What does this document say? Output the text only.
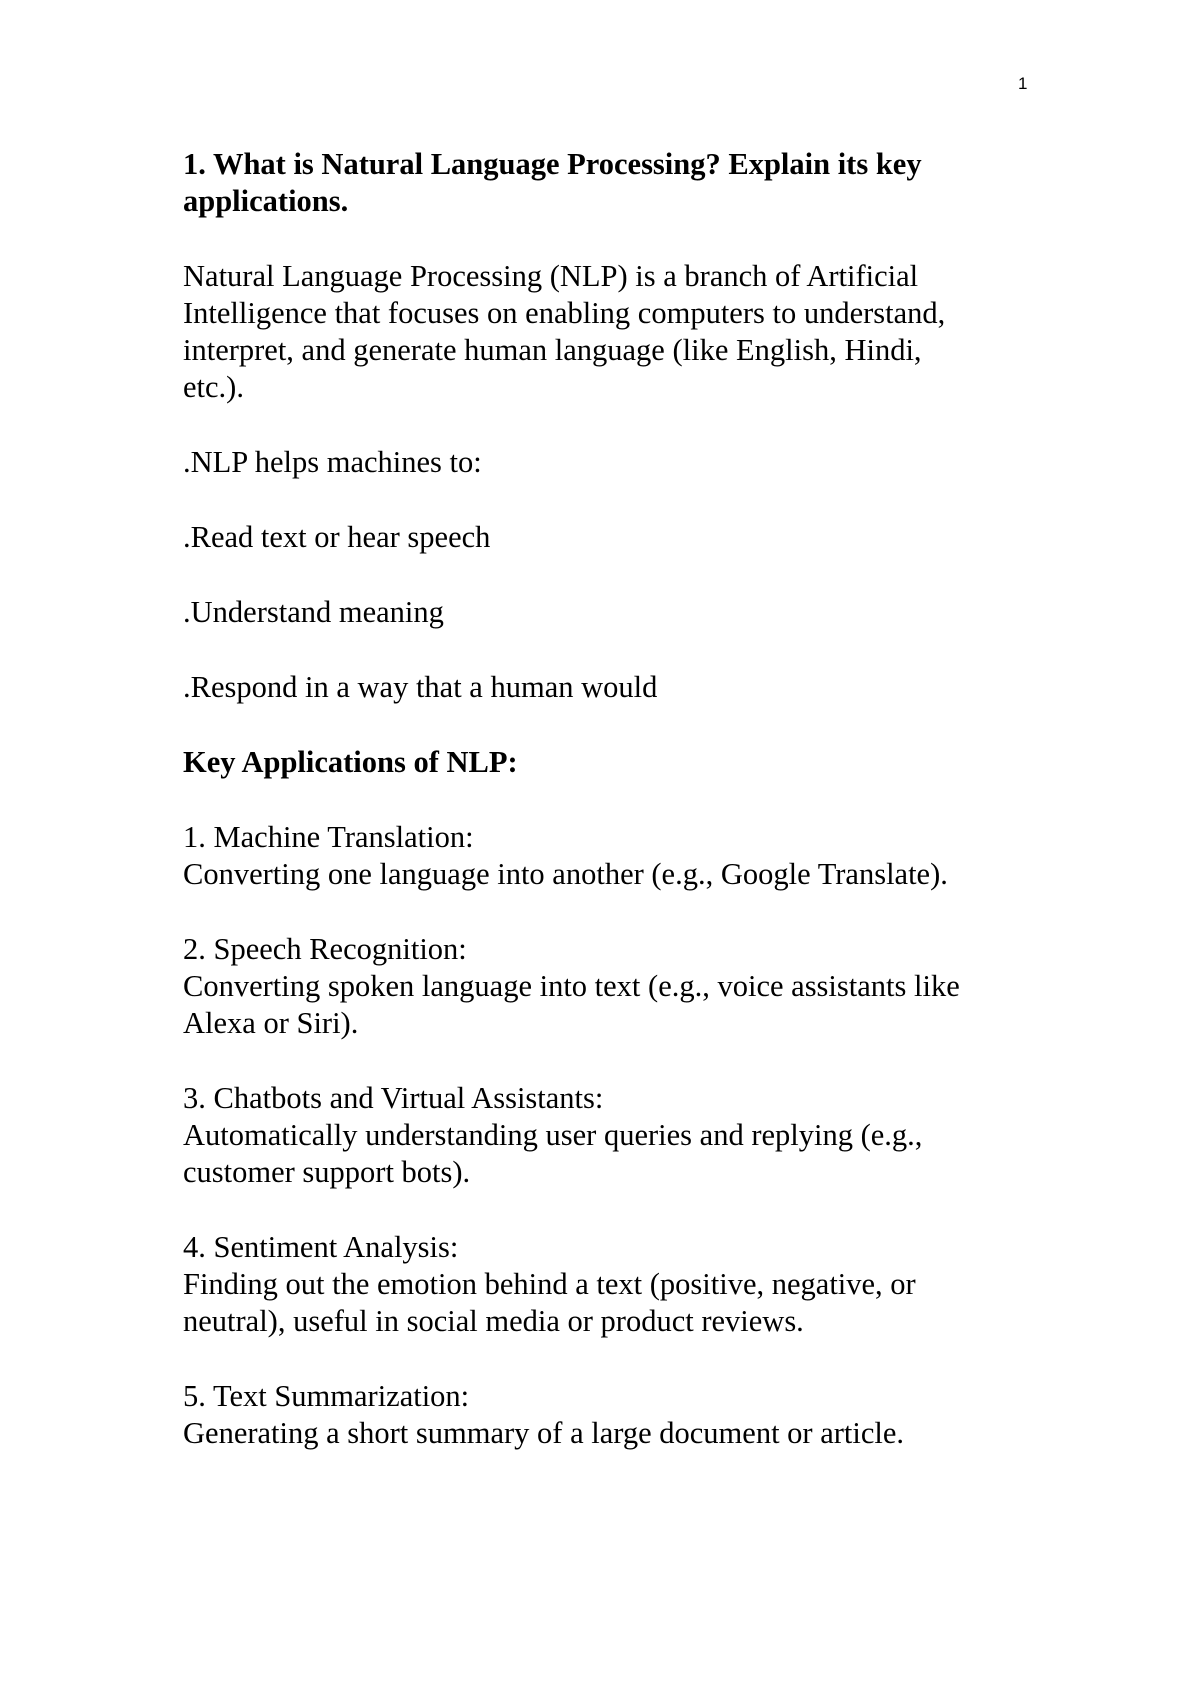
1
1. What is Natural Language Processing? Explain its key
applications.
Natural Language Processing (NLP) is a branch of Artificial
Intelligence that focuses on enabling computers to understand,
interpret, and generate human language (like English, Hindi,
etc.).
.NLP helps machines to:
.Read text or hear speech
.Understand meaning
.Respond in a way that a human would
Key Applications of NLP:
1. Machine Translation:
Converting one language into another (e.g., Google Translate).
2. Speech Recognition:
Converting spoken language into text (e.g., voice assistants like
Alexa or Siri).
3. Chatbots and Virtual Assistants:
Automatically understanding user queries and replying (e.g.,
customer support bots).
4. Sentiment Analysis:
Finding out the emotion behind a text (positive, negative, or
neutral), useful in social media or product reviews.
5. Text Summarization:
Generating a short summary of a large document or article.
